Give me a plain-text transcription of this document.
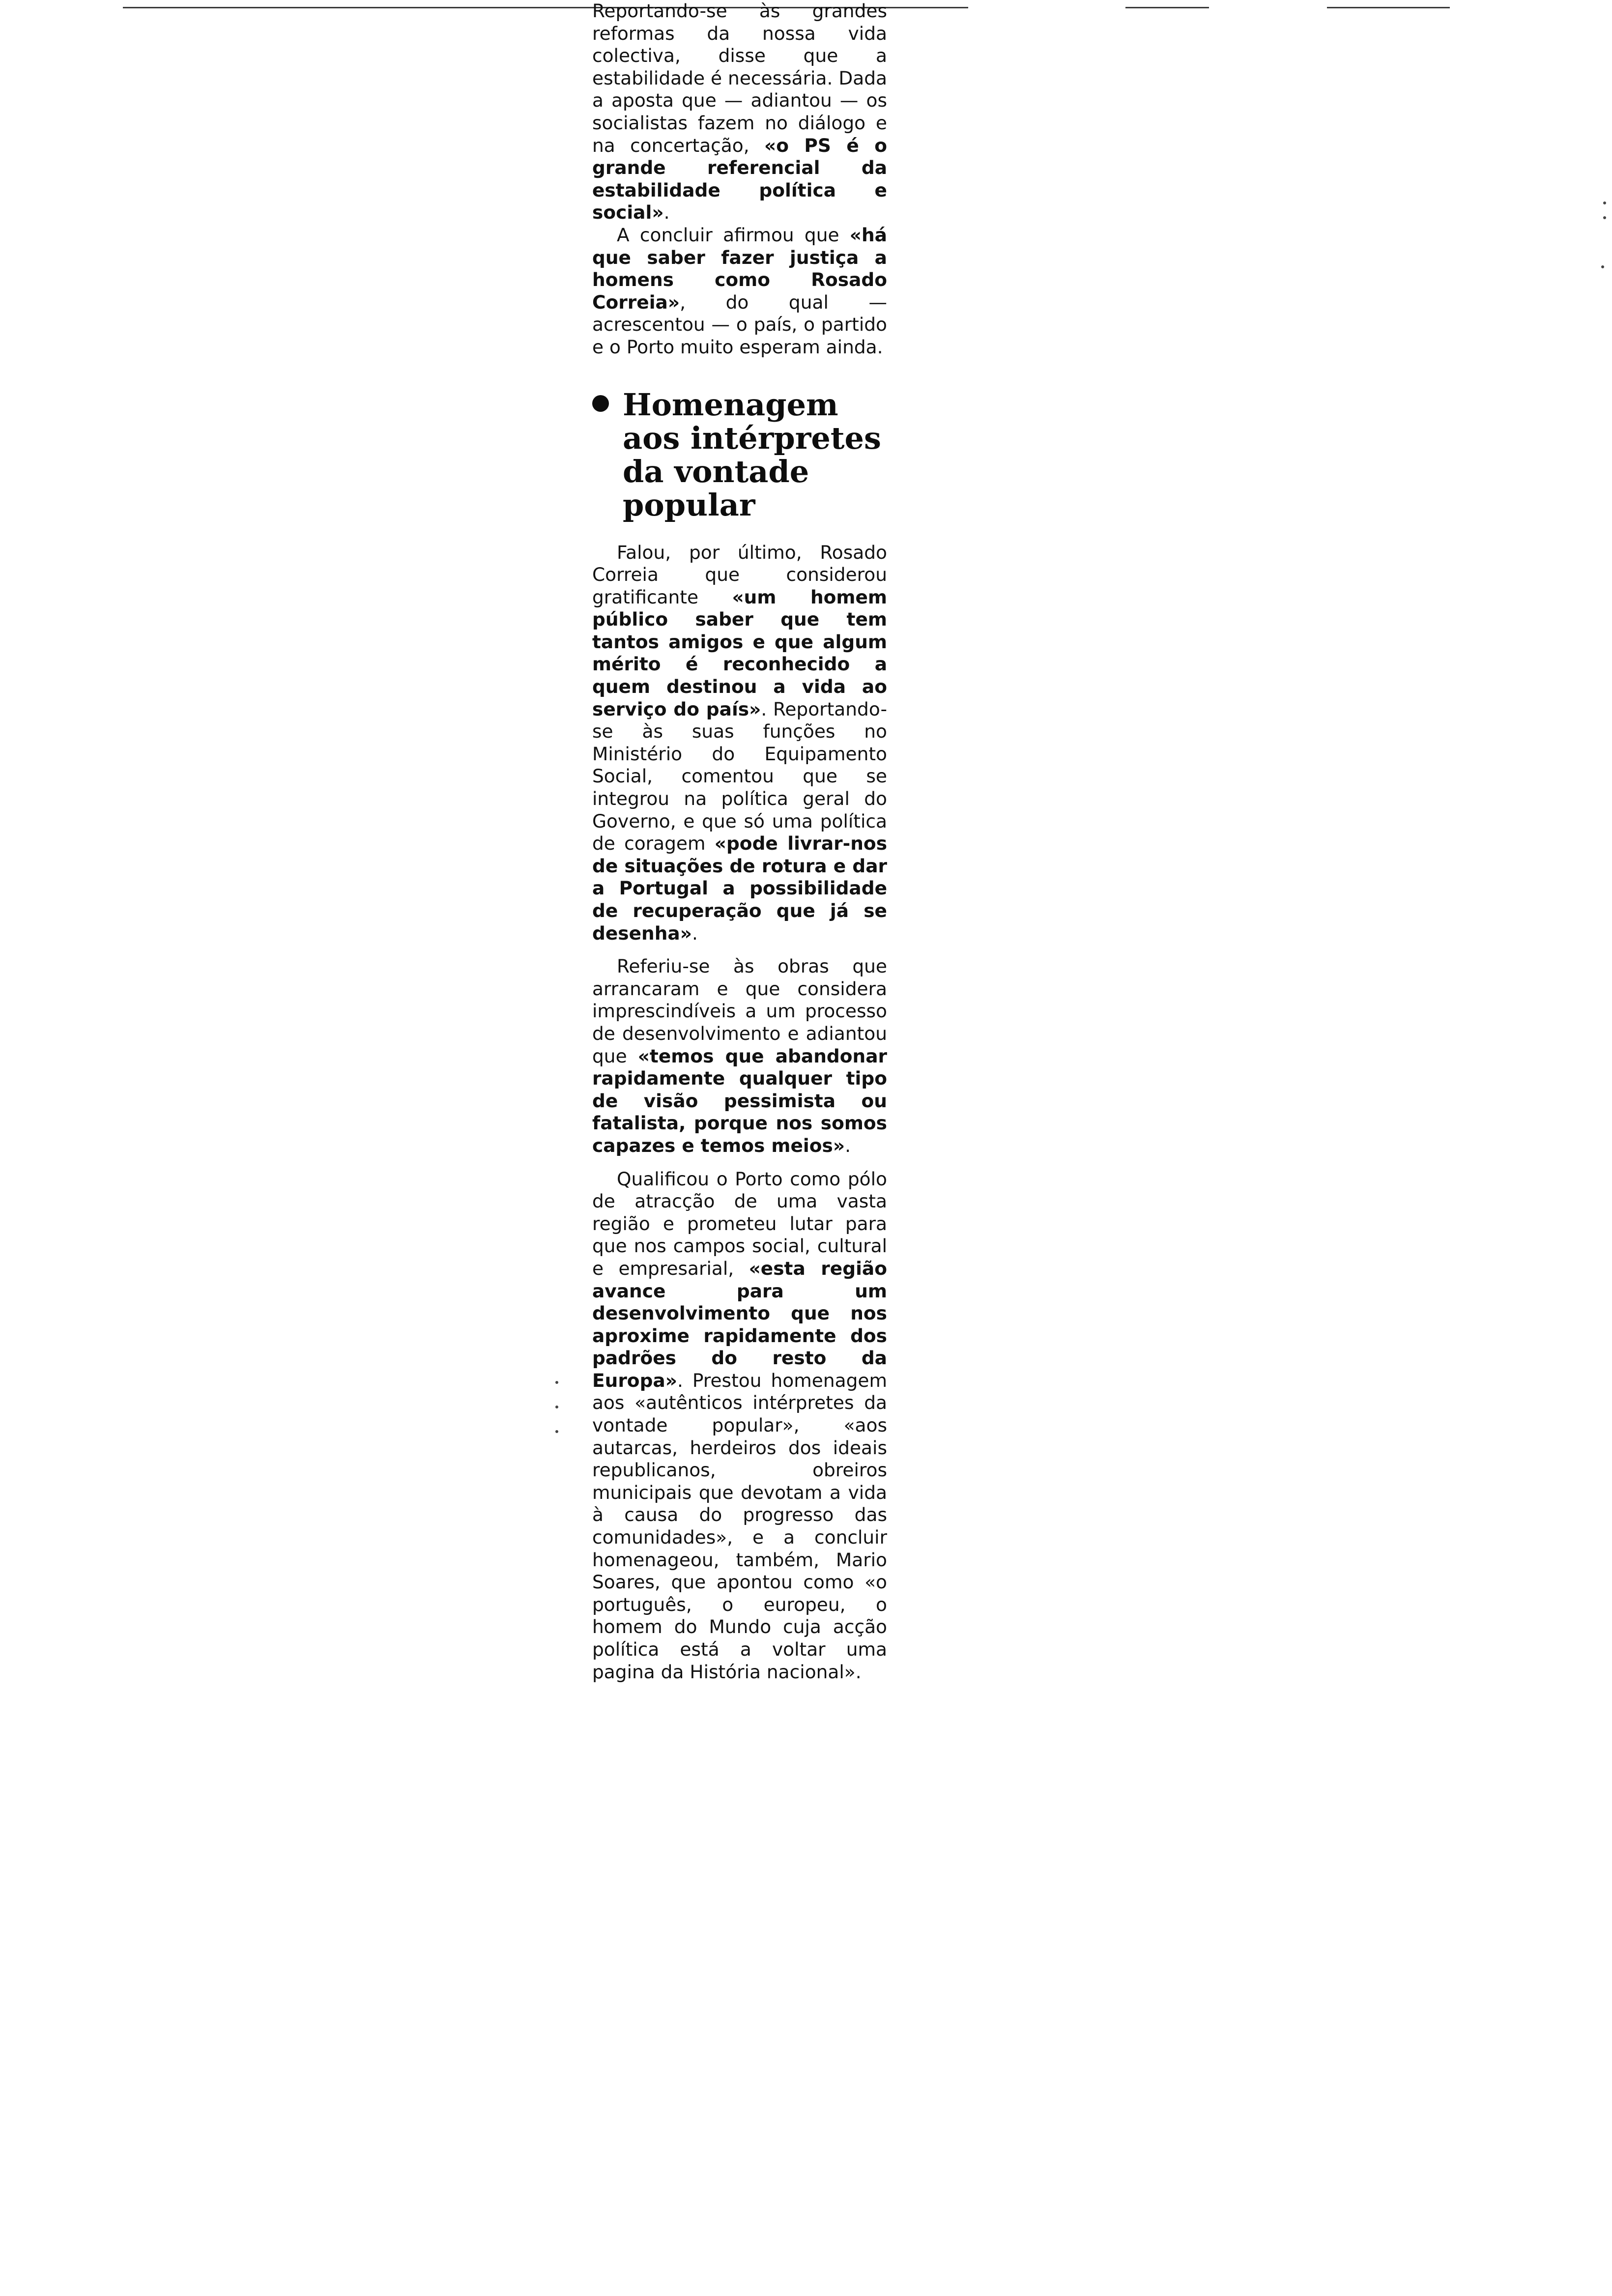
Reportando-se às grandes reformas da nossa vida colectiva, disse que a estabilidade é necessária. Dada a aposta que — adiantou — os socialistas fazem no diálogo e na concertação, «o PS é o grande referencial da estabilidade política e social».

A concluir afirmou que «há que saber fazer justiça a homens como Rosado Correia», do qual — acrescentou — o país, o partido e o Porto muito esperam ainda.

Homenagem
aos intérpretes
da vontade
popular

Falou, por último, Rosado Correia que considerou gratificante «um homem público saber que tem tantos amigos e que algum mérito é reconhecido a quem destinou a vida ao serviço do país». Reportando-se às suas funções no Ministério do Equipamento Social, comentou que se integrou na política geral do Governo, e que só uma política de coragem «pode livrar-nos de situações de rotura e dar a Portugal a possibilidade de recuperação que já se desenha».

Referiu-se às obras que arrancaram e que considera imprescindíveis a um processo de desenvolvimento e adiantou que «temos que abandonar rapidamente qualquer tipo de visão pessimista ou fatalista, porque nos somos capazes e temos meios».

Qualificou o Porto como pólo de atracção de uma vasta região e prometeu lutar para que nos campos social, cultural e empresarial, «esta região avance para um desenvolvimento que nos aproxime rapidamente dos padrões do resto da Europa». Prestou homenagem aos «autênticos intérpretes da vontade popular», «aos autarcas, herdeiros dos ideais republicanos, obreiros municipais que devotam a vida à causa do progresso das comunidades», e a concluir homenageou, também, Mario Soares, que apontou como «o português, o europeu, o homem do Mundo cuja acção política está a voltar uma pagina da História nacional».
